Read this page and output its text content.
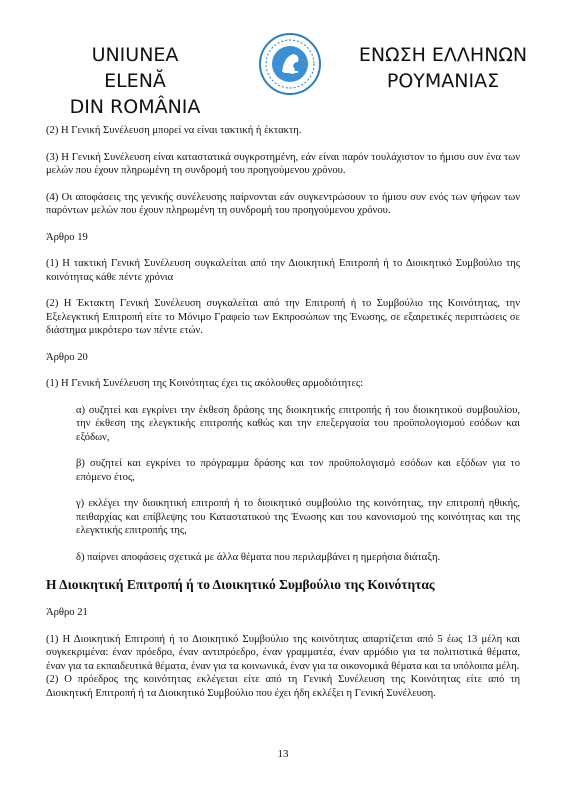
UNIUNEA ELENĂ
DIN ROMÂNIA
ΕΝΩΣΗ ΕΛΛΗΝΩΝ
ΡΟΥΜΑΝΙΑΣ

(2) Η Γενική Συνέλευση μπορεί να είναι τακτική ή έκτακτη.

(3) Η Γενική Συνέλευση είναι καταστατικά συγκροτημένη, εάν είναι παρόν τουλάχιστον το ήμισυ συν ένα των μελών που έχουν πληρωμένη τη συνδρομή του προηγούμενου χρόνου.

(4) Οι αποφάσεις της γενικής συνέλευσης παίρνονται εάν συγκεντρώσουν το ήμισυ συν ενός των ψήφων των παρόντων μελών που έχουν πληρωμένη τη συνδρομή του προηγούμενου χρόνου.

Άρθρο 19

(1) Η τακτική Γενική Συνέλευση συγκαλείται από την Διοικητική Επιτροπή ή το Διοικητικό Συμβούλιο της κοινότητας κάθε πέντε χρόνια

(2) Η Έκτακτη Γενική Συνέλευση συγκαλείται από την Επιτροπή ή το Συμβούλιο της Κοινότητας, την Εξελεγκτική Επιτροπή είτε το Μόνιμο Γραφείο των Εκπροσώπων της Ένωσης, σε εξαιρετικές περιπτώσεις σε διάστημα μικρότερο των πέντε ετών.

Άρθρο 20

(1) Η Γενική Συνέλευση της Κοινότητας έχει τις ακόλουθες αρμοδιότητες:

α) συζητεί και εγκρίνει την έκθεση δράσης της διοικητικής επιτροπής ή του διοικητικού συμβουλίου, την έκθεση της ελεγκτικής επιτροπής καθώς και την επεξεργασία του προϋπολογισμού εσόδων και εξόδων,

β) συζητεί και εγκρίνει το πρόγραμμα δράσης και τον προϋπολογισμό εσόδων και εξόδων για το επόμενο έτος,

γ) εκλέγει την διοικητική επιτροπή ή το διοικητικό συμβούλιο της κοινότητας, την επιτροπή ηθικής, πειθαρχίας και επίβλεψης του Καταστατικού της Ένωσης και του κανονισμού της κοινότητας και της ελεγκτικής επιτροπής της,

δ) παίρνει αποφάσεις σχετικά με άλλα θέματα που περιλαμβάνει η ημερήσια διάταξη.

Η Διοικητική Επιτροπή ή το Διοικητικό Συμβούλιο της Κοινότητας

Άρθρο 21

(1) Η Διοικητική Επιτροπή ή το Διοικητικό Συμβούλιο της κοινότητας απαρτίζεται από 5 έως 13 μέλη και συγκεκριμένα: έναν πρόεδρο, έναν αντιπρόεδρο, έναν γραμματέα, έναν αρμόδιο για τα πολιτιστικά θέματα, έναν για τα εκπαιδευτικά θέματα, έναν για τα κοινωνικά, έναν για τα οικονομικά θέματα και τα υπόλοιπα μέλη.

(2) Ο πρόεδρος της κοινότητας εκλέγεται είτε από τη Γενική Συνέλευση της Κοινότητας είτε από τη Διοικητική Επιτροπή ή τα Διοικητικό Συμβούλιο που έχει ήδη εκλέξει η Γενική Συνέλευση.

13
